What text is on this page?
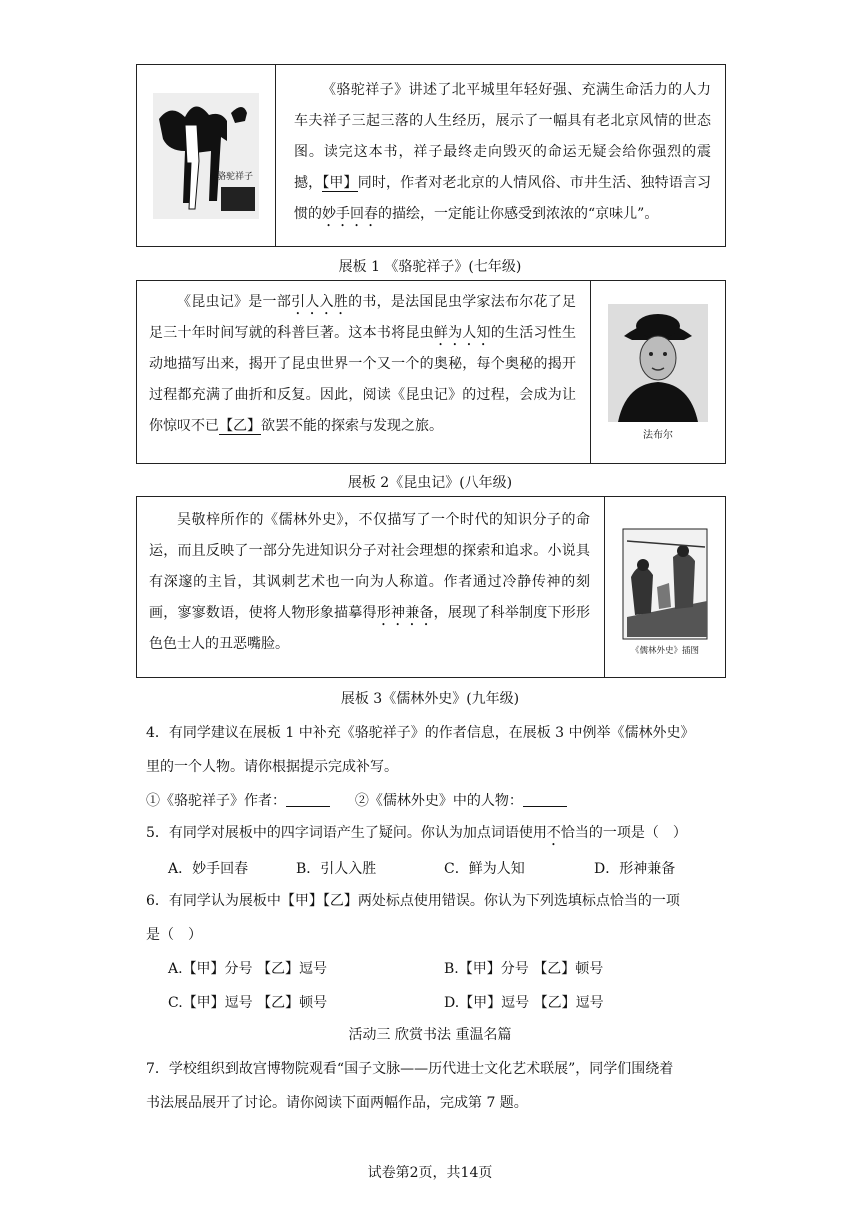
骆驼祥子
《骆驼祥子》讲述了北平城里年轻好强、充满生命活力的人力车夫祥子三起三落的人生经历，展示了一幅具有老北京风情的世态图。读完这本书，祥子最终走向毁灭的命运无疑会给你强烈的震撼，【甲】同时，作者对老北京的人情风俗、市井生活、独特语言习惯的妙手回春的描绘，一定能让你感受到浓浓的“京味儿”。
展板 1 《骆驼祥子》(七年级)
《昆虫记》是一部引人入胜的书，是法国昆虫学家法布尔花了足足三十年时间写就的科普巨著。这本书将昆虫鲜为人知的生活习性生动地描写出来，揭开了昆虫世界一个又一个的奥秘，每个奥秘的揭开过程都充满了曲折和反复。因此，阅读《昆虫记》的过程，会成为让你惊叹不已【乙】欲罢不能的探索与发现之旅。
法布尔
展板 2《昆虫记》(八年级)
吴敬梓所作的《儒林外史》，不仅描写了一个时代的知识分子的命运，而且反映了一部分先进知识分子对社会理想的探索和追求。小说具有深邃的主旨，其讽刺艺术也一向为人称道。作者通过冷静传神的刻画，寥寥数语，使将人物形象描摹得形神兼备，展现了科举制度下形形色色士人的丑恶嘴脸。	《儒林外史》插图
展板 3《儒林外史》(九年级)
4．有同学建议在展板 1 中补充《骆驼祥子》的作者信息，在展板 3 中例举《儒林外史》
里的一个人物。请你根据提示完成补写。
①《骆驼祥子》作者：	②《儒林外史》中的人物：
5．有同学对展板中的四字词语产生了疑问。你认为加点词语使用不恰当的一项是（　）
A．妙手回春	B．引人入胜	C．鲜为人知	D．形神兼备
6．有同学认为展板中【甲】【乙】两处标点使用错误。你认为下列选填标点恰当的一项
是（　）
A.【甲】分号 【乙】逗号	B.【甲】分号 【乙】顿号
C.【甲】逗号 【乙】顿号	D.【甲】逗号 【乙】逗号
活动三 欣赏书法 重温名篇
7．学校组织到故宫博物院观看“国子文脉——历代进士文化艺术联展”，同学们围绕着
书法展品展开了讨论。请你阅读下面两幅作品，完成第 7 题。
试卷第2页，共14页
